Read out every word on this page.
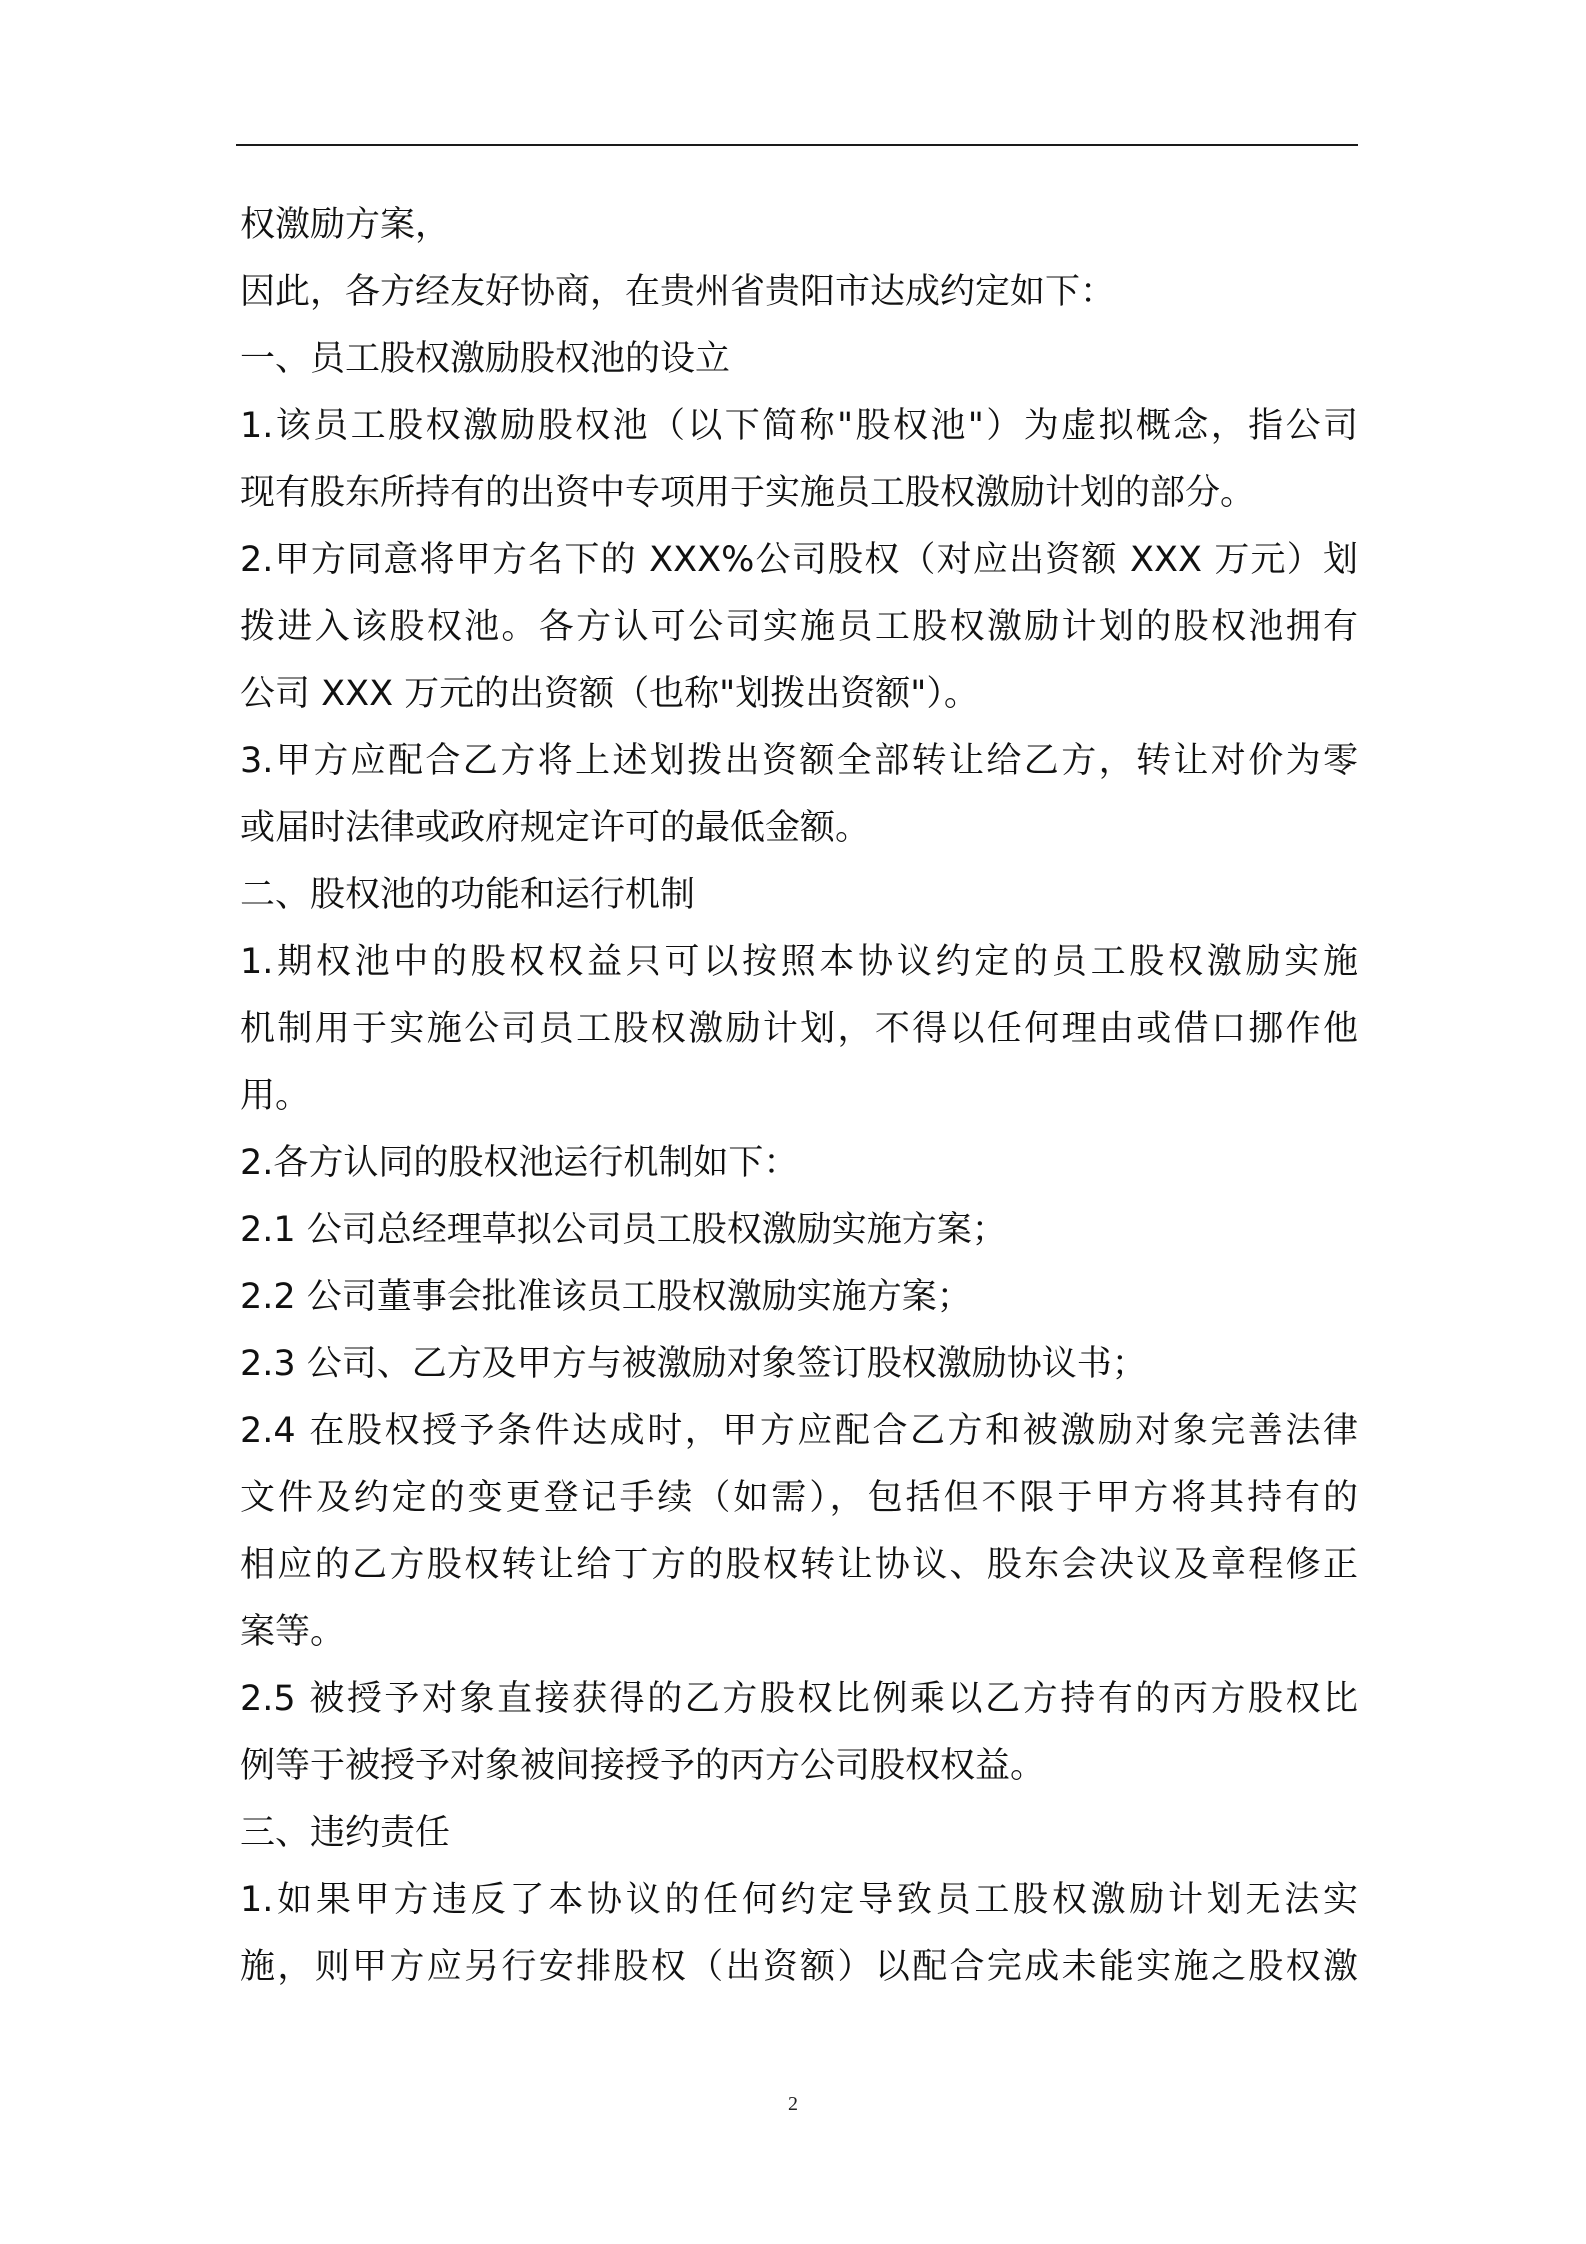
权激励方案，
因此，各方经友好协商，在贵州省贵阳市达成约定如下：
一、员工股权激励股权池的设立
1.该员工股权激励股权池（以下简称"股权池"）为虚拟概念，指公司
现有股东所持有的出资中专项用于实施员工股权激励计划的部分。
2.甲方同意将甲方名下的 XXX%公司股权（对应出资额 XXX 万元）划
拨进入该股权池。各方认可公司实施员工股权激励计划的股权池拥有
公司 XXX 万元的出资额（也称"划拨出资额"）。
3.甲方应配合乙方将上述划拨出资额全部转让给乙方，转让对价为零
或届时法律或政府规定许可的最低金额。
二、股权池的功能和运行机制
1.期权池中的股权权益只可以按照本协议约定的员工股权激励实施
机制用于实施公司员工股权激励计划，不得以任何理由或借口挪作他
用。
2.各方认同的股权池运行机制如下：
2.1 公司总经理草拟公司员工股权激励实施方案；
2.2 公司董事会批准该员工股权激励实施方案；
2.3 公司、乙方及甲方与被激励对象签订股权激励协议书；
2.4 在股权授予条件达成时，甲方应配合乙方和被激励对象完善法律
文件及约定的变更登记手续（如需），包括但不限于甲方将其持有的
相应的乙方股权转让给丁方的股权转让协议、股东会决议及章程修正
案等。
2.5 被授予对象直接获得的乙方股权比例乘以乙方持有的丙方股权比
例等于被授予对象被间接授予的丙方公司股权权益。
三、违约责任
1.如果甲方违反了本协议的任何约定导致员工股权激励计划无法实
施，则甲方应另行安排股权（出资额）以配合完成未能实施之股权激
2
